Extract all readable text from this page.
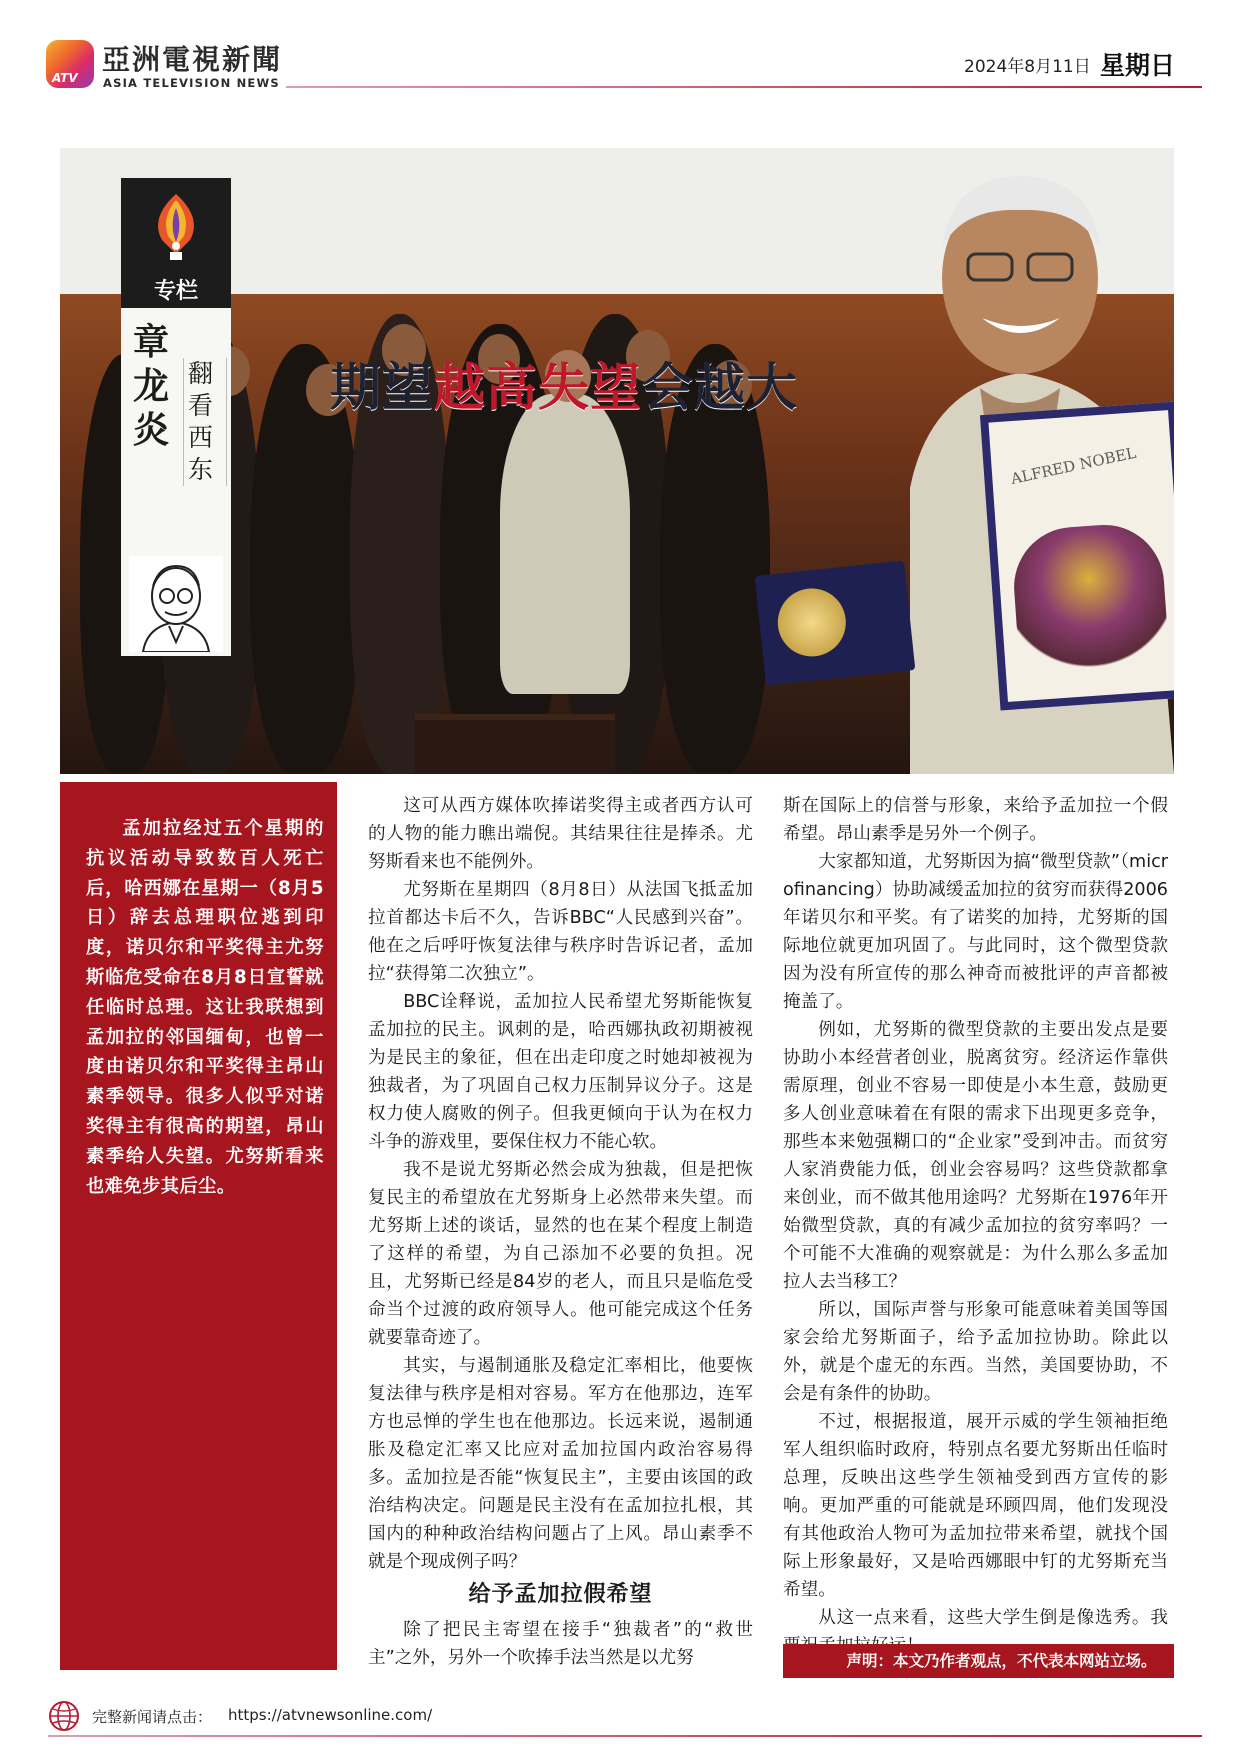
ATV
亞洲電視新聞
ASIA TELEVISION NEWS
2024年8月11日 星期日
ALFRED NOBEL
期望越高失望会越大
专栏
章龙炎
翻看西东
孟加拉经过五个星期的抗议活动导致数百人死亡后，哈西娜在星期一（8月5日）辞去总理职位逃到印度，诺贝尔和平奖得主尤努斯临危受命在8月8日宣誓就任临时总理。这让我联想到孟加拉的邻国缅甸，也曾一度由诺贝尔和平奖得主昂山素季领导。很多人似乎对诺奖得主有很高的期望，昂山素季给人失望。尤努斯看来也难免步其后尘。

这可从西方媒体吹捧诺奖得主或者西方认可的人物的能力瞧出端倪。其结果往往是捧杀。尤努斯看来也不能例外。

尤努斯在星期四（8月8日）从法国飞抵孟加拉首都达卡后不久，告诉BBC“人民感到兴奋”。他在之后呼吁恢复法律与秩序时告诉记者，孟加拉“获得第二次独立”。

BBC诠释说，孟加拉人民希望尤努斯能恢复孟加拉的民主。讽刺的是，哈西娜执政初期被视为是民主的象征，但在出走印度之时她却被视为独裁者，为了巩固自己权力压制异议分子。这是权力使人腐败的例子。但我更倾向于认为在权力斗争的游戏里，要保住权力不能心软。

我不是说尤努斯必然会成为独裁，但是把恢复民主的希望放在尤努斯身上必然带来失望。而尤努斯上述的谈话，显然的也在某个程度上制造了这样的希望，为自己添加不必要的负担。况且，尤努斯已经是84岁的老人，而且只是临危受命当个过渡的政府领导人。他可能完成这个任务就要靠奇迹了。

其实，与遏制通胀及稳定汇率相比，他要恢复法律与秩序是相对容易。军方在他那边，连军方也忌惮的学生也在他那边。长远来说，遏制通胀及稳定汇率又比应对孟加拉国内政治容易得多。孟加拉是否能“恢复民主”，主要由该国的政治结构决定。问题是民主没有在孟加拉扎根，其国内的种种政治结构问题占了上风。昂山素季不就是个现成例子吗？

给予孟加拉假希望

除了把民主寄望在接手“独裁者”的“救世主”之外，另外一个吹捧手法当然是以尤努

斯在国际上的信誉与形象，来给予孟加拉一个假希望。昂山素季是另外一个例子。

大家都知道，尤努斯因为搞“微型贷款”（microfinancing）协助减缓孟加拉的贫穷而获得2006年诺贝尔和平奖。有了诺奖的加持，尤努斯的国际地位就更加巩固了。与此同时，这个微型贷款因为没有所宣传的那么神奇而被批评的声音都被掩盖了。

例如，尤努斯的微型贷款的主要出发点是要协助小本经营者创业，脱离贫穷。经济运作靠供需原理，创业不容易一即使是小本生意，鼓励更多人创业意味着在有限的需求下出现更多竞争，那些本来勉强糊口的“企业家”受到冲击。而贫穷人家消费能力低，创业会容易吗？这些贷款都拿来创业，而不做其他用途吗？尤努斯在1976年开始微型贷款，真的有减少孟加拉的贫穷率吗？一个可能不大准确的观察就是：为什么那么多孟加拉人去当移工？

所以，国际声誉与形象可能意味着美国等国家会给尤努斯面子，给予孟加拉协助。除此以外，就是个虚无的东西。当然，美国要协助，不会是有条件的协助。

不过，根据报道，展开示威的学生领袖拒绝军人组织临时政府，特别点名要尤努斯出任临时总理，反映出这些学生领袖受到西方宣传的影响。更加严重的可能就是环顾四周，他们发现没有其他政治人物可为孟加拉带来希望，就找个国际上形象最好，又是哈西娜眼中钉的尤努斯充当希望。

从这一点来看，这些大学生倒是像选秀。我

声明：本文乃作者观点，不代表本网站立场。
完整新闻请点击： https://atvnewsonline.com/
